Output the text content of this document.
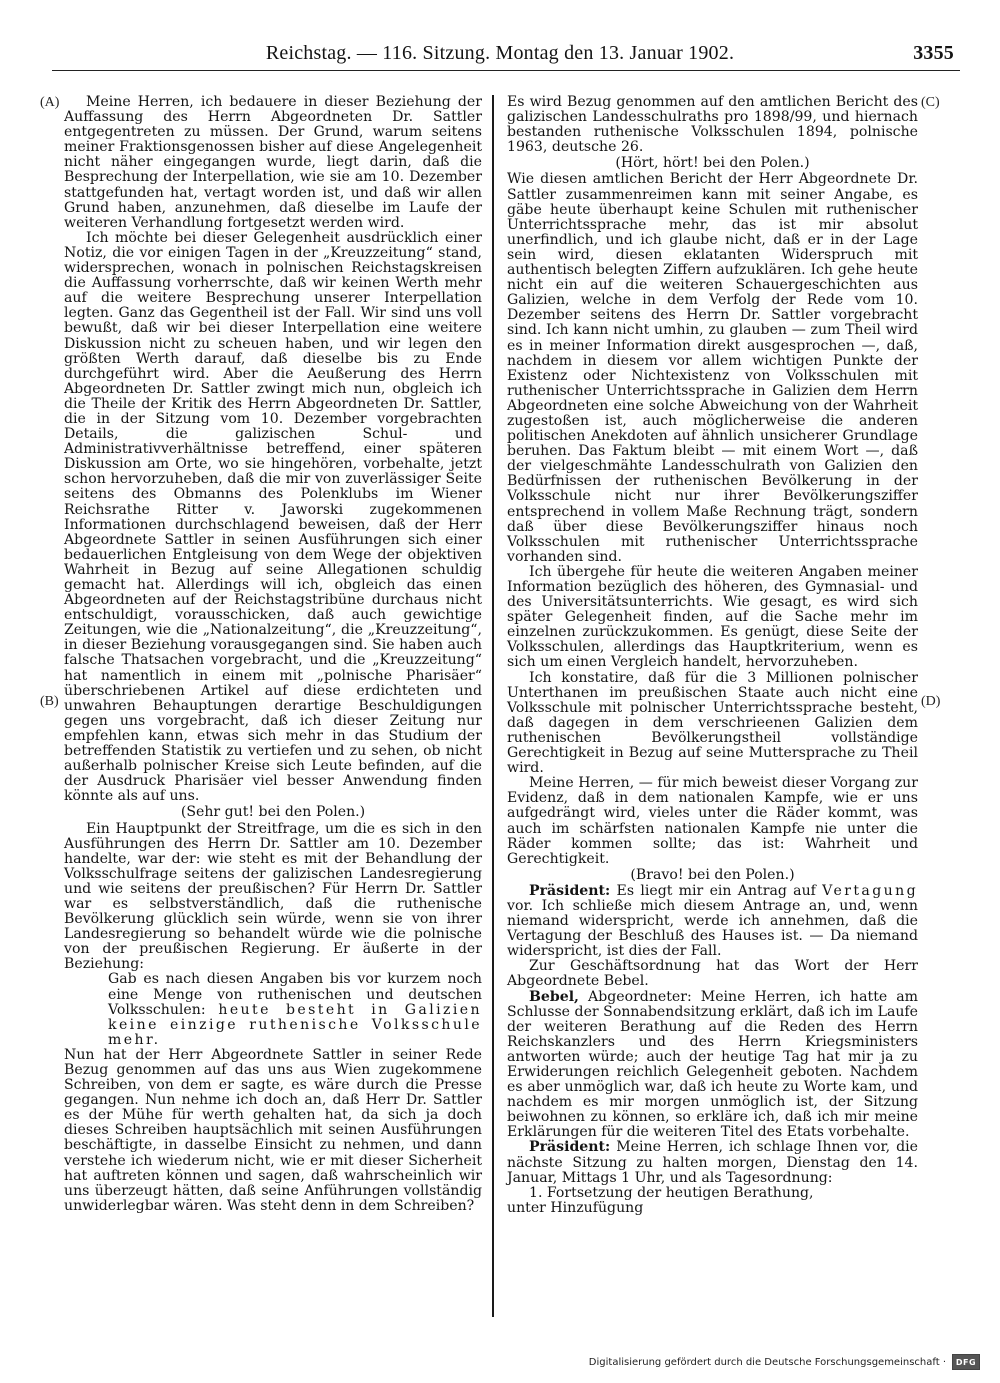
Reichstag. — 116. Sitzung. Montag den 13. Januar 1902.	3355
(A)
(B)
(C)
(D)

Meine Herren, ich bedauere in dieser Beziehung der Auffassung des Herrn Abgeordneten Dr. Sattler entgegentreten zu müssen. Der Grund, warum seitens meiner Fraktionsgenossen bisher auf diese Angelegenheit nicht näher eingegangen wurde, liegt darin, daß die Besprechung der Interpellation, wie sie am 10. Dezember stattgefunden hat, vertagt worden ist, und daß wir allen Grund haben, anzunehmen, daß dieselbe im Laufe der weiteren Verhandlung fortgesetzt werden wird.

Ich möchte bei dieser Gelegenheit ausdrücklich einer Notiz, die vor einigen Tagen in der „Kreuzzeitung“ stand, widersprechen, wonach in polnischen Reichstagskreisen die Auffassung vorherrschte, daß wir keinen Werth mehr auf die weitere Besprechung unserer Interpellation legten. Ganz das Gegentheil ist der Fall. Wir sind uns voll bewußt, daß wir bei dieser Interpellation eine weitere Diskussion nicht zu scheuen haben, und wir legen den größten Werth darauf, daß dieselbe bis zu Ende durchgeführt wird. Aber die Aeußerung des Herrn Abgeordneten Dr. Sattler zwingt mich nun, obgleich ich die Theile der Kritik des Herrn Abgeordneten Dr. Sattler, die in der Sitzung vom 10. Dezember vorgebrachten Details, die galizischen Schul- und Administrativverhältnisse betreffend, einer späteren Diskussion am Orte, wo sie hingehören, vorbehalte, jetzt schon hervorzuheben, daß die mir von zuverlässiger Seite seitens des Obmanns des Polenklubs im Wiener Reichsrathe Ritter v. Jaworski zugekommenen Informationen durchschlagend beweisen, daß der Herr Abgeordnete Sattler in seinen Ausführungen sich einer bedauerlichen Entgleisung von dem Wege der objektiven Wahrheit in Bezug auf seine Allegationen schuldig gemacht hat. Allerdings will ich, obgleich das einen Abgeordneten auf der Reichstagstribüne durchaus nicht entschuldigt, vorausschicken, daß auch gewichtige Zeitungen, wie die „Nationalzeitung“, die „Kreuzzeitung“, in dieser Beziehung vorausgegangen sind. Sie haben auch falsche Thatsachen vorgebracht, und die „Kreuzzeitung“ hat namentlich in einem mit „polnische Pharisäer“ überschriebenen Artikel auf diese erdichteten und unwahren Behauptungen derartige Beschuldigungen gegen uns vorgebracht, daß ich dieser Zeitung nur empfehlen kann, etwas sich mehr in das Studium der betreffenden Statistik zu vertiefen und zu sehen, ob nicht außerhalb polnischer Kreise sich Leute befinden, auf die der Ausdruck Pharisäer viel besser Anwendung finden könnte als auf uns.

(Sehr gut! bei den Polen.)

Ein Hauptpunkt der Streitfrage, um die es sich in den Ausführungen des Herrn Dr. Sattler am 10. Dezember handelte, war der: wie steht es mit der Behandlung der Volksschulfrage seitens der galizischen Landesregierung und wie seitens der preußischen? Für Herrn Dr. Sattler war es selbstverständlich, daß die ruthenische Bevölkerung glücklich sein würde, wenn sie von ihrer Landesregierung so behandelt würde wie die polnische von der preußischen Regierung. Er äußerte in der Beziehung:

Gab es nach diesen Angaben bis vor kurzem noch eine Menge von ruthenischen und deutschen Volksschulen: heute besteht in Galizien keine einzige ruthenische Volksschule mehr.

Nun hat der Herr Abgeordnete Sattler in seiner Rede Bezug genommen auf das uns aus Wien zugekommene Schreiben, von dem er sagte, es wäre durch die Presse gegangen. Nun nehme ich doch an, daß Herr Dr. Sattler es der Mühe für werth gehalten hat, da sich ja doch dieses Schreiben hauptsächlich mit seinen Ausführungen beschäftigte, in dasselbe Einsicht zu nehmen, und dann verstehe ich wiederum nicht, wie er mit dieser Sicherheit hat auftreten können und sagen, daß wahrscheinlich wir uns überzeugt hätten, daß seine Anführungen vollständig unwiderlegbar wären. Was steht denn in dem Schreiben?

Es wird Bezug genommen auf den amtlichen Bericht des galizischen Landesschulraths pro 1898/99, und hiernach bestanden ruthenische Volksschulen 1894, polnische 1963, deutsche 26.

(Hört, hört! bei den Polen.)

Wie diesen amtlichen Bericht der Herr Abgeordnete Dr. Sattler zusammenreimen kann mit seiner Angabe, es gäbe heute überhaupt keine Schulen mit ruthenischer Unterrichtssprache mehr, das ist mir absolut unerfindlich, und ich glaube nicht, daß er in der Lage sein wird, diesen eklatanten Widerspruch mit authentisch belegten Ziffern aufzuklären. Ich gehe heute nicht ein auf die weiteren Schauergeschichten aus Galizien, welche in dem Verfolg der Rede vom 10. Dezember seitens des Herrn Dr. Sattler vorgebracht sind. Ich kann nicht umhin, zu glauben — zum Theil wird es in meiner Information direkt ausgesprochen —, daß, nachdem in diesem vor allem wichtigen Punkte der Existenz oder Nichtexistenz von Volksschulen mit ruthenischer Unterrichtssprache in Galizien dem Herrn Abgeordneten eine solche Abweichung von der Wahrheit zugestoßen ist, auch möglicherweise die anderen politischen Anekdoten auf ähnlich unsicherer Grundlage beruhen. Das Faktum bleibt — mit einem Wort —, daß der vielgeschmähte Landesschulrath von Galizien den Bedürfnissen der ruthenischen Bevölkerung in der Volksschule nicht nur ihrer Bevölkerungsziffer entsprechend in vollem Maße Rechnung trägt, sondern daß über diese Bevölkerungsziffer hinaus noch Volksschulen mit ruthenischer Unterrichtssprache vorhanden sind.

Ich übergehe für heute die weiteren Angaben meiner Information bezüglich des höheren, des Gymnasial- und des Universitätsunterrichts. Wie gesagt, es wird sich später Gelegenheit finden, auf die Sache mehr im einzelnen zurückzukommen. Es genügt, diese Seite der Volksschulen, allerdings das Hauptkriterium, wenn es sich um einen Vergleich handelt, hervorzuheben.

Ich konstatire, daß für die 3 Millionen polnischer Unterthanen im preußischen Staate auch nicht eine Volksschule mit polnischer Unterrichtssprache besteht, daß dagegen in dem verschrieenen Galizien dem ruthenischen Bevölkerungstheil vollständige Gerechtigkeit in Bezug auf seine Muttersprache zu Theil wird.

Meine Herren, — für mich beweist dieser Vorgang zur Evidenz, daß in dem nationalen Kampfe, wie er uns aufgedrängt wird, vieles unter die Räder kommt, was auch im schärfsten nationalen Kampfe nie unter die Räder kommen sollte; das ist: Wahrheit und Gerechtigkeit.

(Bravo! bei den Polen.)

Präsident: Es liegt mir ein Antrag auf Vertagung vor. Ich schließe mich diesem Antrage an, und, wenn niemand widerspricht, werde ich annehmen, daß die Vertagung der Beschluß des Hauses ist. — Da niemand widerspricht, ist dies der Fall.

Zur Geschäftsordnung hat das Wort der Herr Abgeordnete Bebel.

Bebel, Abgeordneter: Meine Herren, ich hatte am Schlusse der Sonnabendsitzung erklärt, daß ich im Laufe der weiteren Berathung auf die Reden des Herrn Reichskanzlers und des Herrn Kriegsministers antworten würde; auch der heutige Tag hat mir ja zu Erwiderungen reichlich Gelegenheit geboten. Nachdem es aber unmöglich war, daß ich heute zu Worte kam, und nachdem es mir morgen unmöglich ist, der Sitzung beiwohnen zu können, so erkläre ich, daß ich mir meine Erklärungen für die weiteren Titel des Etats vorbehalte.

Präsident: Meine Herren, ich schlage Ihnen vor, die nächste Sitzung zu halten morgen, Dienstag den 14. Januar, Mittags 1 Uhr, und als Tagesordnung:

1. Fortsetzung der heutigen Berathung,

unter Hinzufügung

Digitalisierung gefördert durch die Deutsche Forschungsgemeinschaft ·	DFG
